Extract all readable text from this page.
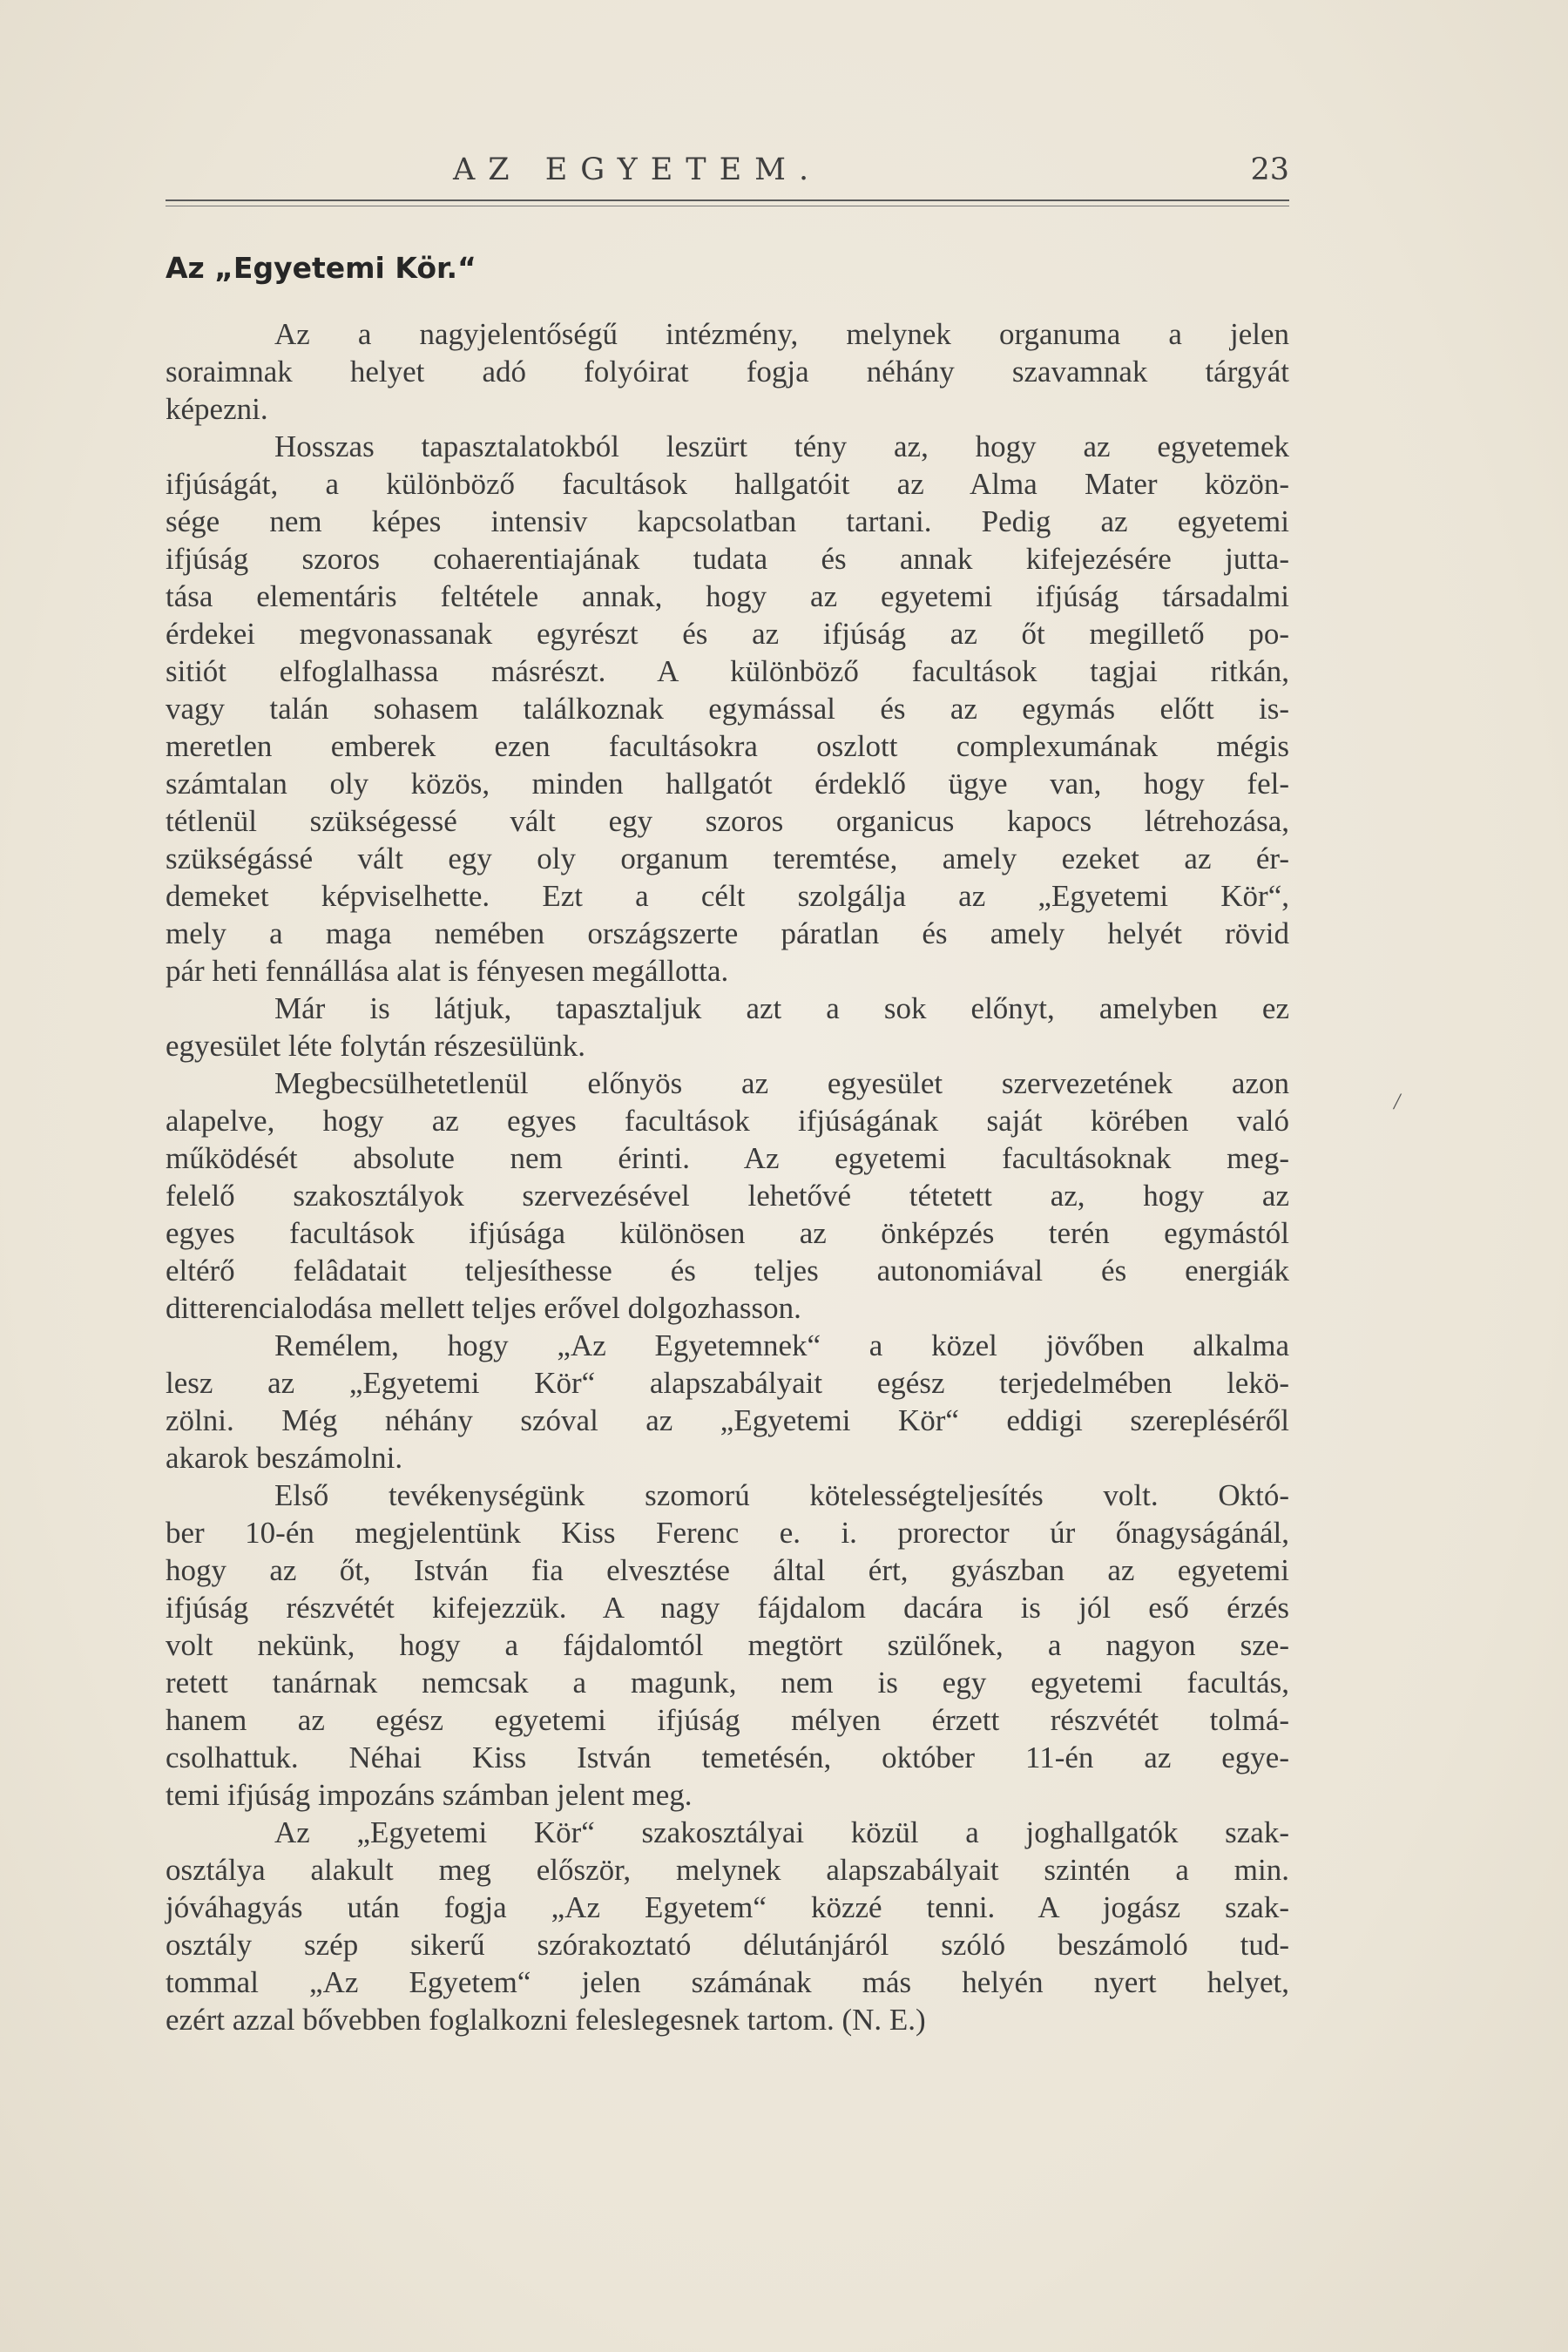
AZ EGYETEM.	23
Az „Egyetemi Kör.“
Az a nagyjelentőségű intézmény, melynek organuma a jelen
soraimnak helyet adó folyóirat fogja néhány szavamnak tárgyát
képezni.
Hosszas tapasztalatokból leszürt tény az, hogy az egyetemek
ifjúságát, a különböző facultások hallgatóit az Alma Mater közön-
sége nem képes intensiv kapcsolatban tartani. Pedig az egyetemi
ifjúság szoros cohaerentiajának tudata és annak kifejezésére jutta-
tása elementáris feltétele annak, hogy az egyetemi ifjúság társadalmi
érdekei megvonassanak egyrészt és az ifjúság az őt megillető po-
sitiót elfoglalhassa másrészt. A különböző facultások tagjai ritkán,
vagy talán sohasem találkoznak egymással és az egymás előtt is-
meretlen emberek ezen facultásokra oszlott complexumának mégis
számtalan oly közös, minden hallgatót érdeklő ügye van, hogy fel-
tétlenül szükségessé vált egy szoros organicus kapocs létrehozása,
szükségássé vált egy oly organum teremtése, amely ezeket az ér-
demeket képviselhette. Ezt a célt szolgálja az „Egyetemi Kör“,
mely a maga nemében országszerte páratlan és amely helyét rövid
pár heti fennállása alat is fényesen megállotta.
Már is látjuk, tapasztaljuk azt a sok előnyt, amelyben ez
egyesület léte folytán részesülünk.
Megbecsülhetetlenül előnyös az egyesület szervezetének azon
alapelve, hogy az egyes facultások ifjúságának saját körében való
működését absolute nem érinti. Az egyetemi facultásoknak meg-
felelő szakosztályok szervezésével lehetővé tétetett az, hogy az
egyes facultások ifjúsága különösen az önképzés terén egymástól
eltérő felâdatait teljesíthesse és teljes autonomiával és energiák
ditterencialodása mellett teljes erővel dolgozhasson.
Remélem, hogy „Az Egyetemnek“ a közel jövőben alkalma
lesz az „Egyetemi Kör“ alapszabályait egész terjedelmében lekö-
zölni. Még néhány szóval az „Egyetemi Kör“ eddigi szerepléséről
akarok beszámolni.
Első tevékenységünk szomorú kötelességteljesítés volt. Októ-
ber 10-én megjelentünk Kiss Ferenc e. i. prorector úr őnagyságánál,
hogy az őt, István fia elvesztése által ért, gyászban az egyetemi
ifjúság részvétét kifejezzük. A nagy fájdalom dacára is jól eső érzés
volt nekünk, hogy a fájdalomtól megtört szülőnek, a nagyon sze-
retett tanárnak nemcsak a magunk, nem is egy egyetemi facultás,
hanem az egész egyetemi ifjúság mélyen érzett részvétét tolmá-
csolhattuk. Néhai Kiss István temetésén, október 11-én az egye-
temi ifjúság impozáns számban jelent meg.
Az „Egyetemi Kör“ szakosztályai közül a joghallgatók szak-
osztálya alakult meg először, melynek alapszabályait szintén a min.
jóváhagyás után fogja „Az Egyetem“ közzé tenni. A jogász szak-
osztály szép sikerű szórakoztató délutánjáról szóló beszámoló tud-
tommal „Az Egyetem“ jelen számának más helyén nyert helyet,
ezért azzal bővebben foglalkozni feleslegesnek tartom. (N. E.)
/
